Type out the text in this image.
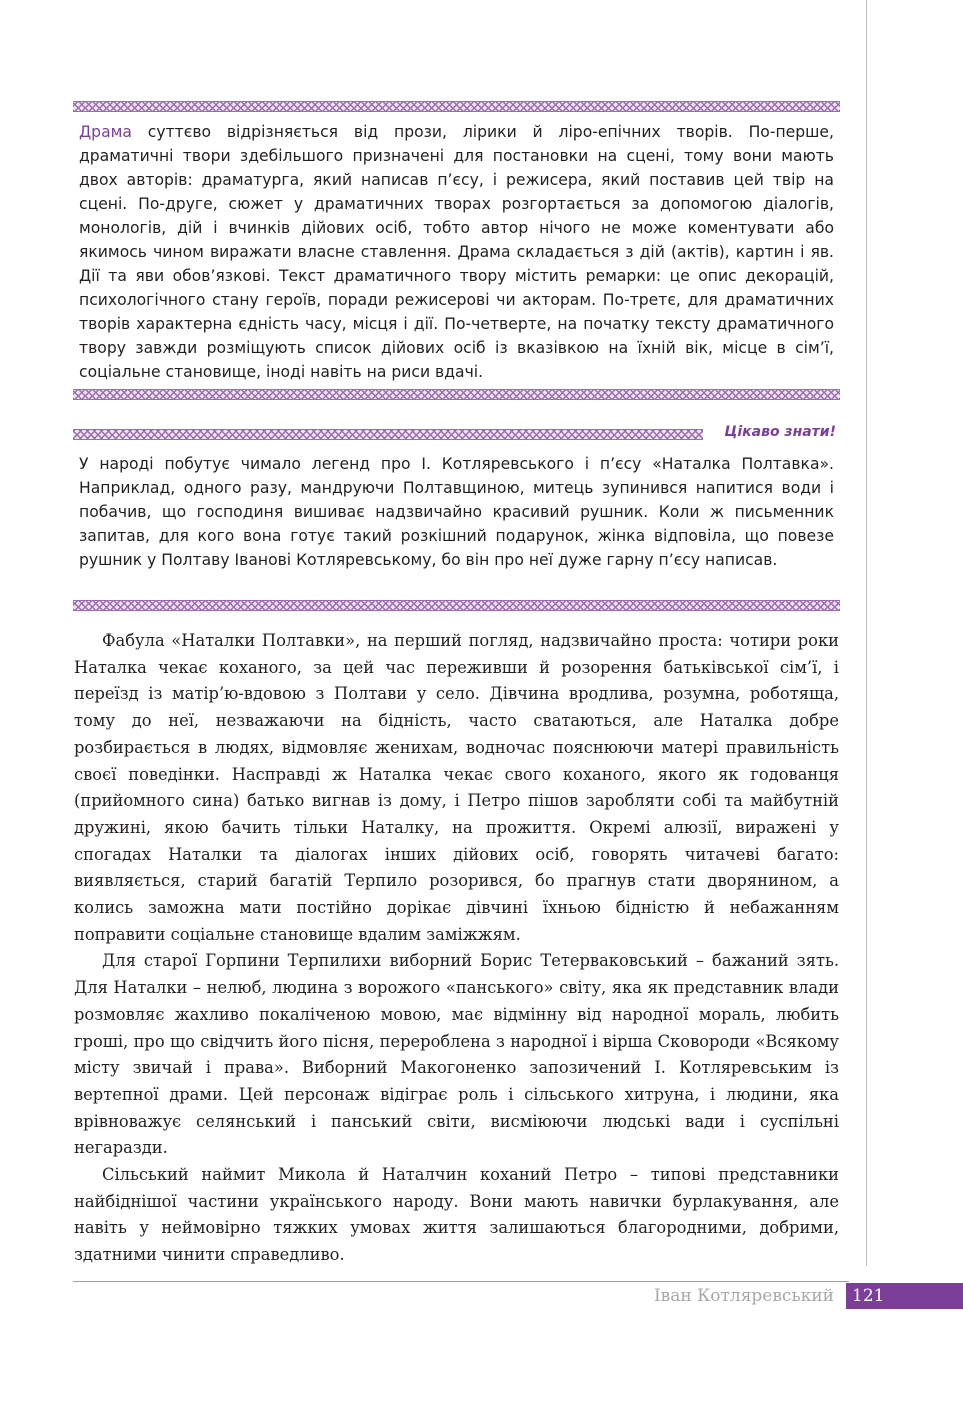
Драма суттєво відрізняється від прози, лірики й ліро-епічних творів. По-перше, драматичні твори здебільшого призначені для постановки на сцені, тому вони мають двох авторів: драматурга, який написав п’єсу, і режисера, який поставив цей твір на сцені. По-друге, сюжет у драматичних творах розгортається за допомогою діалогів, монологів, дій і вчинків дійових осіб, тобто автор нічого не може коментувати або якимось чином виражати власне ставлення. Драма складається з дій (актів), картин і яв. Дії та яви обов’язкові. Текст драматичного твору містить ремарки: це опис декорацій, психологічного стану героїв, поради режисерові чи акторам. По-третє, для драматичних творів характерна єдність часу, місця і дії. По-четверте, на початку тексту драматичного твору завжди розміщують список дійових осіб із вказівкою на їхній вік, місце в сім’ї, соціальне становище, іноді навіть на риси вдачі.

Цікаво знати!

У народі побутує чимало легенд про І. Котляревського і п’єсу «Наталка Полтавка». Наприклад, одного разу, мандруючи Полтавщиною, митець зупинився напитися води і побачив, що господиня вишиває надзвичайно красивий рушник. Коли ж письменник запитав, для кого вона готує такий розкішний подарунок, жінка відповіла, що повезе рушник у Полтаву Іванові Котляревському, бо він про неї дуже гарну п’єсу написав.

Фабула «Наталки Полтавки», на перший погляд, надзвичайно проста: чотири роки Наталка чекає коханого, за цей час переживши й розорення батьківської сім’ї, і переїзд із матір’ю-вдовою з Полтави у село. Дівчина вродлива, розумна, роботяща, тому до неї, незважаючи на бідність, часто сватаються, але Наталка добре розбирається в людях, відмовляє женихам, водночас пояснюючи матері правильність своєї поведінки. Насправді ж Наталка чекає свого коханого, якого як годованця (прийомного сина) батько вигнав із дому, і Петро пішов заробляти собі та майбутній дружині, якою бачить тільки Наталку, на прожиття. Окремі алюзії, виражені у спогадах Наталки та діалогах інших дійових осіб, говорять читачеві багато: виявляється, старий багатій Терпило розорився, бо прагнув стати дворянином, а колись заможна мати постійно дорікає дівчині їхньою бідністю й небажанням поправити соціальне становище вдалим заміжжям.

Для старої Горпини Терпилихи виборний Борис Тетерваковський – бажаний зять. Для Наталки – нелюб, людина з ворожого «панського» світу, яка як представник влади розмовляє жахливо покаліченою мовою, має відмінну від народної мораль, любить гроші, про що свідчить його пісня, перероблена з народної і вірша Сковороди «Всякому місту звичай і права». Виборний Макогоненко запозичений І. Котляревським із вертепної драми. Цей персонаж відіграє роль і сільського хитруна, і людини, яка врівноважує селянський і панський світи, висміюючи людські вади і суспільні негаразди.

Сільський наймит Микола й Наталчин коханий Петро – типові представники найбіднішої частини українського народу. Вони мають навички бурлакування, але навіть у неймовірно тяжких умовах життя залишаються благородними, добрими, здатними чинити справедливо.

Іван Котляревський	121
